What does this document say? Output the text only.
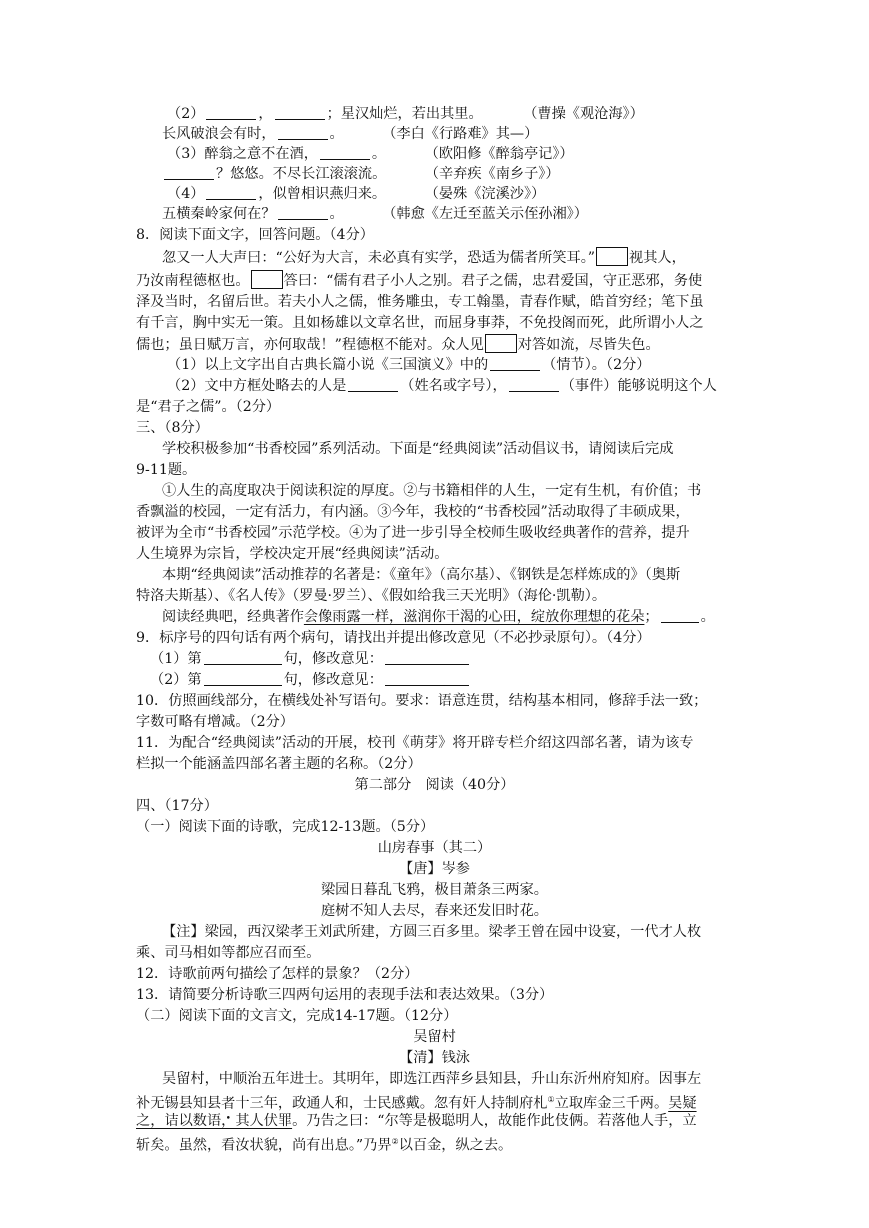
（2）	，	；星汉灿烂，若出其里。	（曹操《观沧海》）
长风破浪会有时，	。	（李白《行路难》其—）
（3）醉翁之意不在酒，	。	（欧阳修《醉翁亭记》）
？悠悠。不尽长江滚滚流。	（辛弃疾《南乡子》）
（4）	，似曾相识燕归来。	（晏殊《浣溪沙》）
五横秦岭家何在？	。	（韩愈《左迁至蓝关示侄孙湘》）
8．阅读下面文字，回答问题。（4分）
忽又一人大声曰：“公好为大言，未必真有实学，恐适为儒者所笑耳。” 视其人，
乃汝南程德枢也。 答曰：“儒有君子小人之别。君子之儒，忠君爱国，守正恶邪，务使
泽及当时，名留后世。若夫小人之儒，惟务雕虫，专工翰墨，青春作赋，皓首穷经；笔下虽
有千言，胸中实无一策。且如杨雄以文章名世，而屈身事莽，不免投阁而死，此所谓小人之
儒也；虽日赋万言，亦何取哉！”程德枢不能对。众人见 对答如流，尽皆失色。
（1）以上文字出自古典长篇小说《三国演义》中的	（情节）。（2分）
（2）文中方框处略去的人是	（姓名或字号），	（事件）能够说明这个人
是“君子之儒”。（2分）
三、（8分）
学校积极参加“书香校园”系列活动。下面是“经典阅读”活动倡议书，请阅读后完成
9-11题。
①人生的高度取决于阅读积淀的厚度。②与书籍相伴的人生，一定有生机，有价值；书
香飘溢的校园，一定有活力，有内涵。③今年，我校的“书香校园”活动取得了丰硕成果，
被评为全市“书香校园”示范学校。④为了进一步引导全校师生吸收经典著作的营养，提升
人生境界为宗旨，学校决定开展“经典阅读”活动。
本期“经典阅读”活动推荐的名著是：《童年》（高尔基）、《钢铁是怎样炼成的》（奥斯
特洛夫斯基）、《名人传》（罗曼·罗兰）、《假如给我三天光明》（海伦·凯勒）。
阅读经典吧，经典著作会像雨露一样，滋润你干渴的心田，绽放你理想的花朵；	。
9．标序号的四句话有两个病句，请找出并提出修改意见（不必抄录原句）。（4分）
（1）第	句，修改意见：
（2）第	句，修改意见：
10．仿照画线部分，在横线处补写语句。要求：语意连贯，结构基本相同，修辞手法一致；
字数可略有增减。（2分）
11．为配合“经典阅读”活动的开展，校刊《萌芽》将开辟专栏介绍这四部名著，请为该专
栏拟一个能涵盖四部名著主题的名称。（2分）
第二部分　阅读（40分）
四、（17分）
（一）阅读下面的诗歌，完成12-13题。（5分）
山房春事（其二）
【唐】岑参
梁园日暮乱飞鸦，极目萧条三两家。
庭树不知人去尽，春来还发旧时花。
【注】梁园，西汉梁孝王刘武所建，方圆三百多里。梁孝王曾在园中设宴，一代才人枚
乘、司马相如等都应召而至。
12．诗歌前两句描绘了怎样的景象？（2分）
13．请简要分析诗歌三四两句运用的表现手法和表达效果。（3分）
（二）阅读下面的文言文，完成14-17题。（12分）
吴留村
【清】钱泳
吴留村，中顺治五年进士。其明年，即选江西萍乡县知县，升山东沂州府知府。因事左
补无锡县知县者十三年，政通人和，士民感戴。忽有奸人持制府札①立取库金三千两。吴疑
之，诘以数语，其人伏罪。乃告之曰：“尔等是极聪明人，故能作此伎俩。若落他人手，立
斩矣。虽然，看汝状貌，尚有出息。”乃畀②以百金，纵之去。
